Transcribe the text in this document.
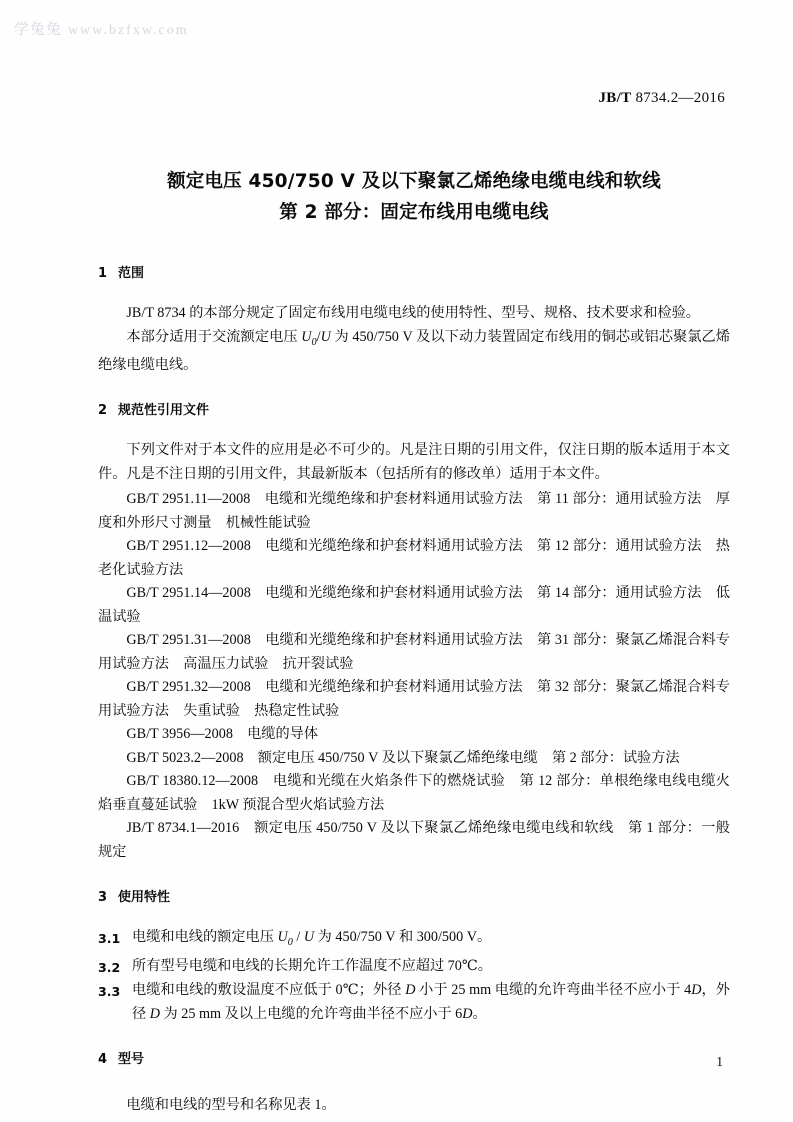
学兔兔 www.bzfxw.com
JB/T 8734.2—2016
额定电压 450/750 V 及以下聚氯乙烯绝缘电缆电线和软线
第 2 部分：固定布线用电缆电线
1 范围

JB/T 8734 的本部分规定了固定布线用电缆电线的使用特性、型号、规格、技术要求和检验。

本部分适用于交流额定电压 $U_0/U$ 为 450/750 V 及以下动力装置固定布线用的铜芯或铝芯聚氯乙烯绝缘电缆电线。

2 规范性引用文件

下列文件对于本文件的应用是必不可少的。凡是注日期的引用文件，仅注日期的版本适用于本文件。凡是不注日期的引用文件，其最新版本（包括所有的修改单）适用于本文件。

GB/T 2951.11—2008　电缆和光缆绝缘和护套材料通用试验方法　第 11 部分：通用试验方法　厚度和外形尺寸测量　机械性能试验

GB/T 2951.12—2008　电缆和光缆绝缘和护套材料通用试验方法　第 12 部分：通用试验方法　热老化试验方法

GB/T 2951.14—2008　电缆和光缆绝缘和护套材料通用试验方法　第 14 部分：通用试验方法　低温试验

GB/T 2951.31—2008　电缆和光缆绝缘和护套材料通用试验方法　第 31 部分：聚氯乙烯混合料专用试验方法　高温压力试验　抗开裂试验

GB/T 2951.32—2008　电缆和光缆绝缘和护套材料通用试验方法　第 32 部分：聚氯乙烯混合料专用试验方法　失重试验　热稳定性试验

GB/T 3956—2008　电缆的导体

GB/T 5023.2—2008　额定电压 450/750 V 及以下聚氯乙烯绝缘电缆　第 2 部分：试验方法

GB/T 18380.12—2008　电缆和光缆在火焰条件下的燃烧试验　第 12 部分：单根绝缘电线电缆火焰垂直蔓延试验　1kW 预混合型火焰试验方法

JB/T 8734.1—2016　额定电压 450/750 V 及以下聚氯乙烯绝缘电缆电线和软线　第 1 部分：一般规定

3 使用特性
3.1 电缆和电线的额定电压 $U_0$ / U 为 450/750 V 和 300/500 V。
3.2 所有型号电缆和电线的长期允许工作温度不应超过 70℃。
3.3 电缆和电线的敷设温度不应低于 0℃；外径 D 小于 25 mm 电缆的允许弯曲半径不应小于 4D，外径 D 为 25 mm 及以上电缆的允许弯曲半径不应小于 6D。
4 型号

电缆和电线的型号和名称见表 1。

1
